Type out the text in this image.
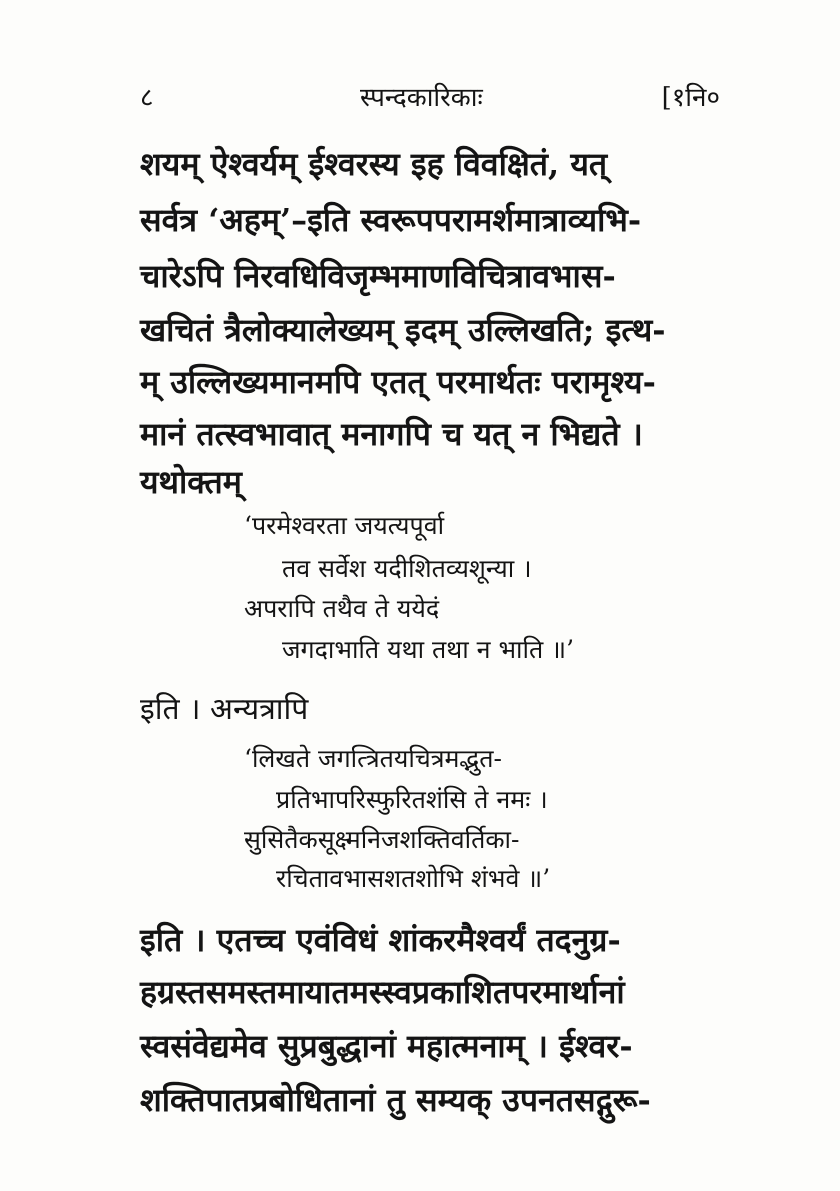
८	स्पन्दकारिकाः	[१नि०
शयम् ऐश्वर्यम् ईश्वरस्य इह विवक्षितं, यत्
सर्वत्र ‘अहम्’–इति स्वरूपपरामर्शमात्राव्यभि-
चारेऽपि निरवधिविजृम्भमाणविचित्रावभास-
खचितं त्रैलोक्यालेख्यम् इदम् उल्लिखति; इत्थ-
म् उल्लिख्यमानमपि एतत् परमार्थतः परामृश्य-
मानं तत्स्वभावात् मनागपि च यत् न भिद्यते ।
यथोक्तम्
‘परमेश्वरता जयत्यपूर्वा
तव सर्वेश यदीशितव्यशून्या ।
अपरापि तथैव ते ययेदं
जगदाभाति यथा तथा न भाति ॥’
इति । अन्यत्रापि
‘लिखते जगत्त्रितयचित्रमद्भुत-
प्रतिभापरिस्फुरितशंसि ते नमः ।
सुसितैकसूक्ष्मनिजशक्तिवर्तिका-
रचितावभासशतशोभि शंभवे ॥’
इति । एतच्च एवंविधं शांकरमैश्वर्यं तदनुग्र-
हग्रस्तसमस्तमायातमस्स्वप्रकाशितपरमार्थानां
स्वसंवेद्यमेव सुप्रबुद्धानां महात्मनाम् । ईश्वर-
शक्तिपातप्रबोधितानां तु सम्यक् उपनतसद्गुरू-
